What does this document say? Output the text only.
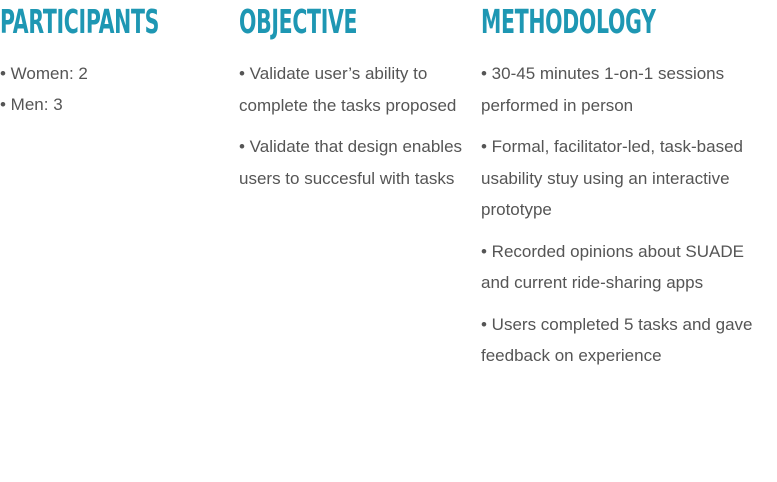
PARTICIPANTS
• Women: 2
• Men: 3
OBJECTIVE
• Validate user’s ability to complete the tasks proposed
• Validate that design enables users to succesful with tasks
METHODOLOGY
• 30-45 minutes 1-on-1 sessions performed in person
• Formal, facilitator-led, task-based usability stuy using an interactive prototype
• Recorded opinions about SUADE and current ride-sharing apps
• Users completed 5 tasks and gave feedback on experience
